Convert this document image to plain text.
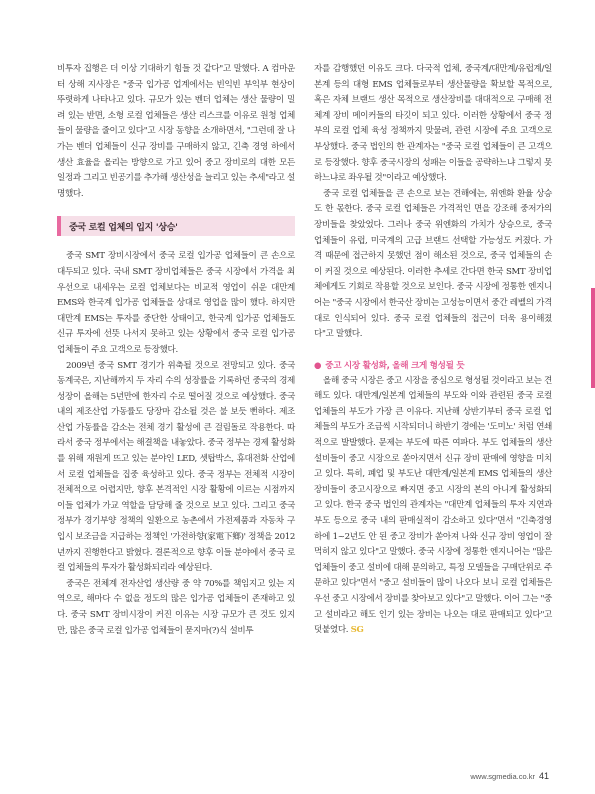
비투자 집행은 더 이상 기대하기 힘들 것 같다"고 말했다. A 컴마운터 상해 지사장은 "중국 입가공 업계에서는 빈익빈 부익부 현상이 뚜렷하게 나타나고 있다. 규모가 있는 벤더 업체는 생산 물량이 밀려 있는 반면, 소형 로컬 업체들은 생산 리스크를 이유로 원청 업체들이 물량을 줄이고 있다"고 시장 동향을 소개하면서, "그런데 잘 나가는 벤더 업체들이 신규 장비를 구매하지 않고, 긴축 경영 하에서 생산 효율을 올리는 방향으로 가고 있어 중고 장비로의 대한 모든 일정과 그리고 빈공기를 추가해 생산성을 늘리고 있는 추세"라고 설명했다.

중국 로컬 업체의 입지 '상승'

중국 SMT 장비시장에서 중국 로컬 입가공 업체들이 큰 손으로 대두되고 있다. 국내 SMT 장비업체들은 중국 시장에서 가격을 최우선으로 내세우는 로컬 업체보다는 비교적 영업이 쉬운 대만계 EMS와 한국계 입가공 업체들을 상대로 영업을 많이 했다. 하지만 대만계 EMS는 투자를 중단한 상태이고, 한국계 입가공 업체들도 신규 투자에 선뜻 나서지 못하고 있는 상황에서 중국 로컬 입가공 업체들이 주요 고객으로 등장했다.

2009년 중국 SMT 경기가 위축될 것으로 전망되고 있다. 중국 동계국은, 지난해까지 두 자리 수의 성장률을 기록하던 중국의 경제 성장이 올해는 5년만에 한자리 수로 떨어질 것으로 예상했다. 중국 내의 제조산업 가동률도 당장마 감소될 것은 불 보듯 뻔하다. 제조산업 가동률을 감소는 전체 경기 활성에 큰 걸림돌로 작용한다. 따라서 중국 정부에서는 해결책을 내놓았다. 중국 정부는 경제 활성화를 위해 재원게 뜨고 있는 분야인 LED, 셋탑박스, 휴대전화 산업에서 로컬 업체들을 집중 육성하고 있다. 중국 정부는 전체적 시장이 전체적으로 어렵지만, 향후 본격적인 시장 활황에 이르는 시점까지 이들 업체가 가교 역할을 담당해 줄 것으로 보고 있다. 그리고 중국정부가 경기부양 정책의 일환으로 농촌에서 가전제품과 자동차 구입시 보조금을 지급하는 정책인 '가전하향(家電下鄉)' 정책을 2012년까지 진행한다고 밝혔다. 결론적으로 향후 이들 분야에서 중국 로컬 업체들의 투자가 활성화되리라 예상된다.

중국은 전체계 전자산업 생산량 중 약 70%를 책임지고 있는 지역으로, 해마다 수 없을 정도의 많은 입가공 업체들이 존재하고 있다. 중국 SMT 장비시장이 커진 이유는 시장 규모가 큰 것도 있지만, 많은 중국 로컬 입가공 업체들이 묻지마(?)식 설비투

자를 감행했던 이유도 크다. 다국적 업체, 중국계/대만계/유럽계/일본계 등의 대형 EMS 업체들로부터 생산물량을 확보할 목적으로, 혹은 자체 브랜드 생산 목적으로 생산장비를 대대적으로 구매해 전체계 장비 메이커들의 타깃이 되고 있다. 이러한 상황에서 중국 정부의 로컬 업체 육성 정책까지 맞물려, 관련 시장에 주요 고객으로 부상했다. 중국 법인의 한 관계자는 "중국 로컬 업체들이 큰 고객으로 등장했다. 향후 중국시장의 성패는 이들을 공략하느냐 그렇지 못하느냐로 좌우될 것"이라고 예상했다.

중국 로컬 업체들을 큰 손으로 보는 견해에는, 위엔화 환율 상승도 한 몫한다. 중국 로컬 업체들은 가격적인 면을 강조해 중저가의 장비들을 찾았었다. 그러나 중국 위엔화의 가치가 상승으로, 중국 업체들이 유럽, 미국계의 고급 브랜드 선택할 가능성도 커졌다. 가격 때문에 접근하지 못했던 점이 해소된 것으로, 중국 업체들의 손이 커질 것으로 예상된다. 이러한 추세로 간다면 한국 SMT 장비업체에게도 기회로 작용할 것으로 보인다. 중국 시장에 정통한 엔지니어는 "중국 시장에서 한국산 장비는 고성능이면서 중간 레벨의 가격대로 인식되어 있다. 중국 로컬 업체들의 접근이 더욱 용이해졌다"고 말했다.

● 중고 시장 활성화, 올해 크게 형성될 듯

올해 중국 시장은 중고 시장을 중심으로 형성될 것이라고 보는 견해도 있다. 대만계/일본계 업체들의 부도와 이와 관련된 중국 로컬업체들의 부도가 가장 큰 이유다. 지난해 상반기부터 중국 로컬 업체들의 부도가 조금씩 시작되더니 하반기 경에는 '도미노' 처럼 연쇄적으로 발발했다. 문제는 부도에 따른 여파다. 부도 업체들의 생산설비들이 중고 시장으로 쏟아지면서 신규 장비 판매에 영향을 미치고 있다. 특히, 폐업 및 부도난 대만계/일본계 EMS 업체들의 생산 장비들이 중고시장으로 빠지면 중고 시장의 본의 아니게 활성화되고 있다. 한국 중국 법인의 관계자는 "대만계 업체들의 투자 지연과 부도 등으로 중국 내의 판매실적이 감소하고 있다"면서 "긴축경영 하에 1~2년도 안 된 중고 장비가 쏟아져 나와 신규 장비 영업이 잘 먹히지 않고 있다"고 말했다. 중국 시장에 정통한 엔지니어는 "많은 업체들이 중고 설비에 대해 문의하고, 특정 모델들을 구매단위로 주문하고 있다"면서 "중고 설비들이 많이 나오다 보니 로컬 업체들은 우선 중고 시장에서 장비를 찾아보고 있다"고 말했다. 이어 그는 "중고 설비라고 해도 인기 있는 장비는 나오는 대로 판매되고 있다"고 덧붙였다. SG

www.sgmedia.co.kr 41
